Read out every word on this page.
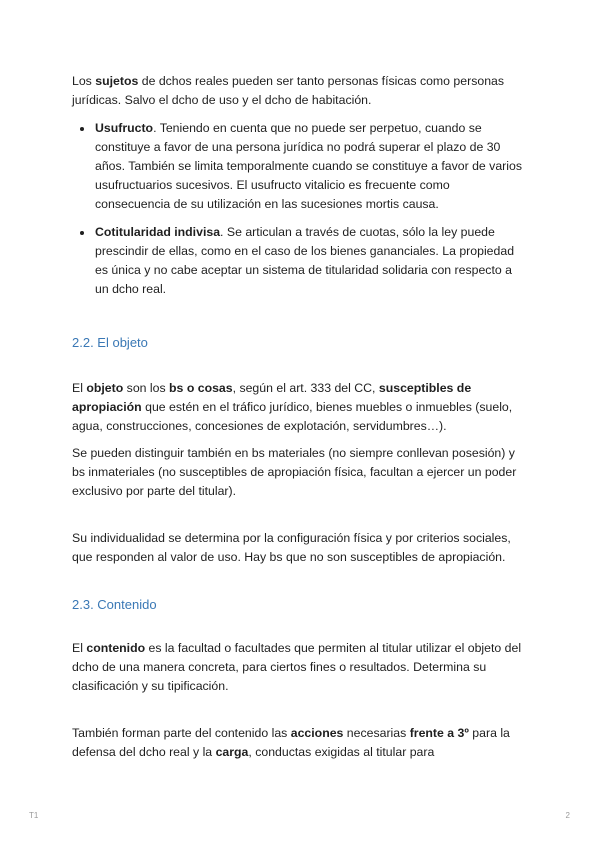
Los sujetos de dchos reales pueden ser tanto personas físicas como personas jurídicas. Salvo el dcho de uso y el dcho de habitación.

Usufructo. Teniendo en cuenta que no puede ser perpetuo, cuando se constituye a favor de una persona jurídica no podrá superar el plazo de 30 años. También se limita temporalmente cuando se constituye a favor de varios usufructuarios sucesivos. El usufructo vitalicio es frecuente como consecuencia de su utilización en las sucesiones mortis causa.

Cotitularidad indivisa. Se articulan a través de cuotas, sólo la ley puede prescindir de ellas, como en el caso de los bienes gananciales. La propiedad es única y no cabe aceptar un sistema de titularidad solidaria con respecto a un dcho real.

2.2. El objeto

El objeto son los bs o cosas, según el art. 333 del CC, susceptibles de apropiación que estén en el tráfico jurídico, bienes muebles o inmuebles (suelo, agua, construcciones, concesiones de explotación, servidumbres…).

Se pueden distinguir también en bs materiales (no siempre conllevan posesión) y bs inmateriales (no susceptibles de apropiación física, facultan a ejercer un poder exclusivo por parte del titular).

Su individualidad se determina por la configuración física y por criterios sociales, que responden al valor de uso. Hay bs que no son susceptibles de apropiación.

2.3. Contenido

El contenido es la facultad o facultades que permiten al titular utilizar el objeto del dcho de una manera concreta, para ciertos fines o resultados. Determina su clasificación y su tipificación.

También forman parte del contenido las acciones necesarias frente a 3º para la defensa del dcho real y la carga, conductas exigidas al titular para

T1	2
